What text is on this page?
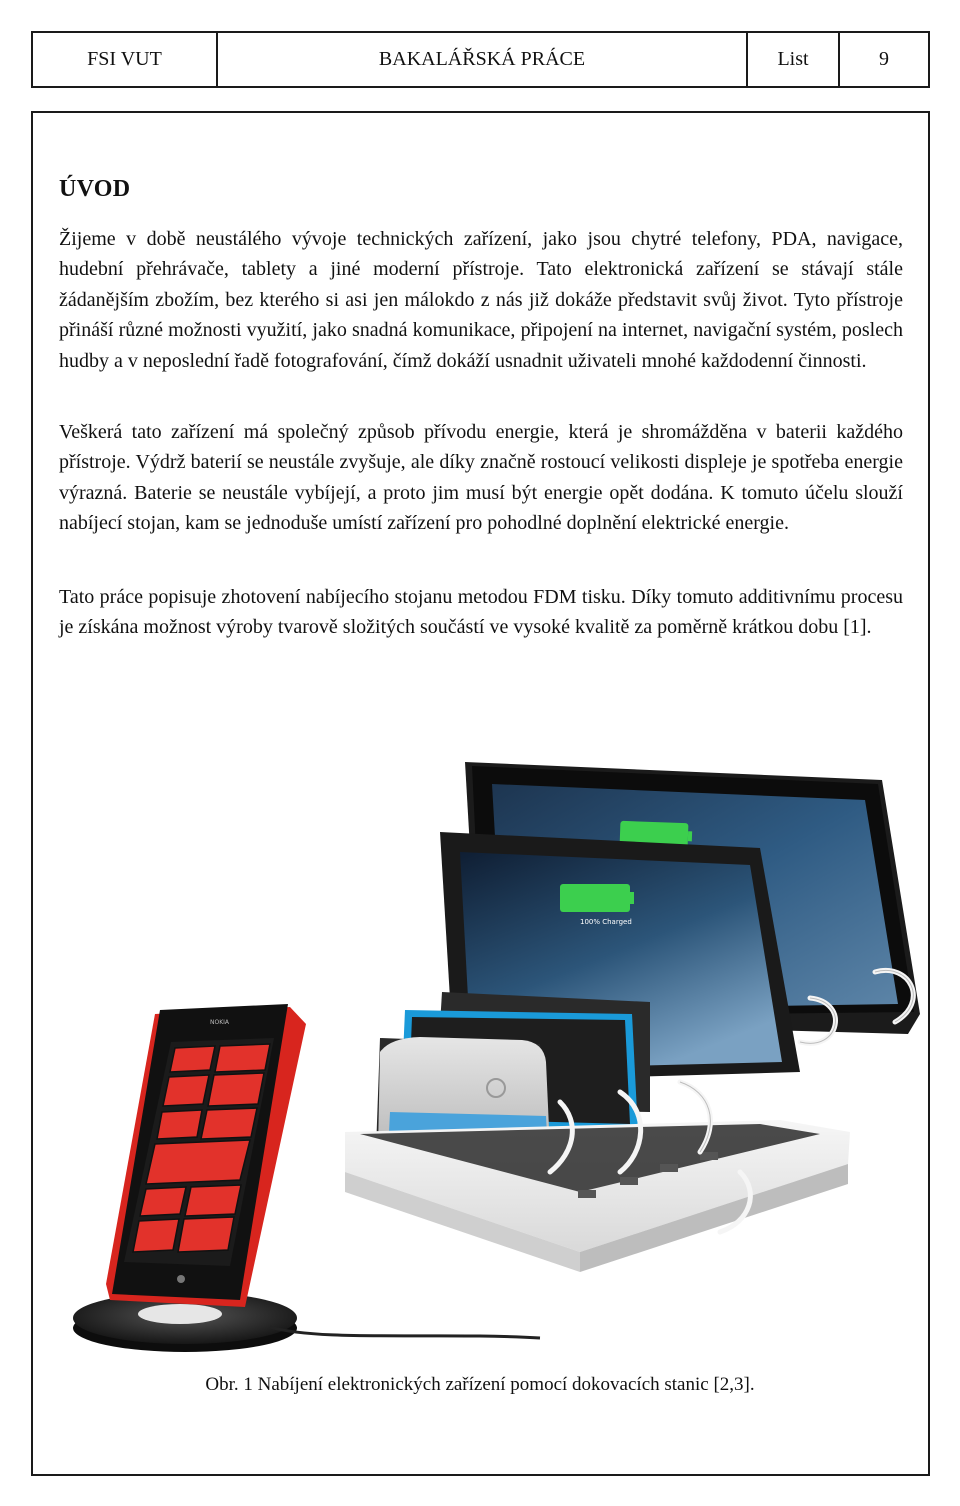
FSI VUT	BAKALÁŘSKÁ PRÁCE	List	9
ÚVOD

Žijeme v době neustálého vývoje technických zařízení, jako jsou chytré telefony, PDA, navigace, hudební přehrávače, tablety a jiné moderní přístroje. Tato elektronická zařízení se stávají stále žádanějším zbožím, bez kterého si asi jen málokdo z nás již dokáže představit svůj život. Tyto přístroje přináší různé možnosti využití, jako snadná komunikace, připojení na internet, navigační systém, poslech hudby a v neposlední řadě fotografování, čímž dokáží usnadnit uživateli mnohé každodenní činnosti.

Veškerá tato zařízení má společný způsob přívodu energie, která je shromážděna v baterii každého přístroje. Výdrž baterií se neustále zvyšuje, ale díky značně rostoucí velikosti displeje je spotřeba energie výrazná. Baterie se neustále vybíjejí, a proto jim musí být energie opět dodána. K tomuto účelu slouží nabíjecí stojan, kam se jednoduše umístí zařízení pro pohodlné doplnění elektrické energie.

Tato práce popisuje zhotovení nabíjecího stojanu metodou FDM tisku. Díky tomuto additivnímu procesu je získána možnost výroby tvarově složitých součástí ve vysoké kvalitě za poměrně krátkou dobu [1].

100% Charged
NOKIA

Obr. 1 Nabíjení elektronických zařízení pomocí dokovacích stanic [2,3].
